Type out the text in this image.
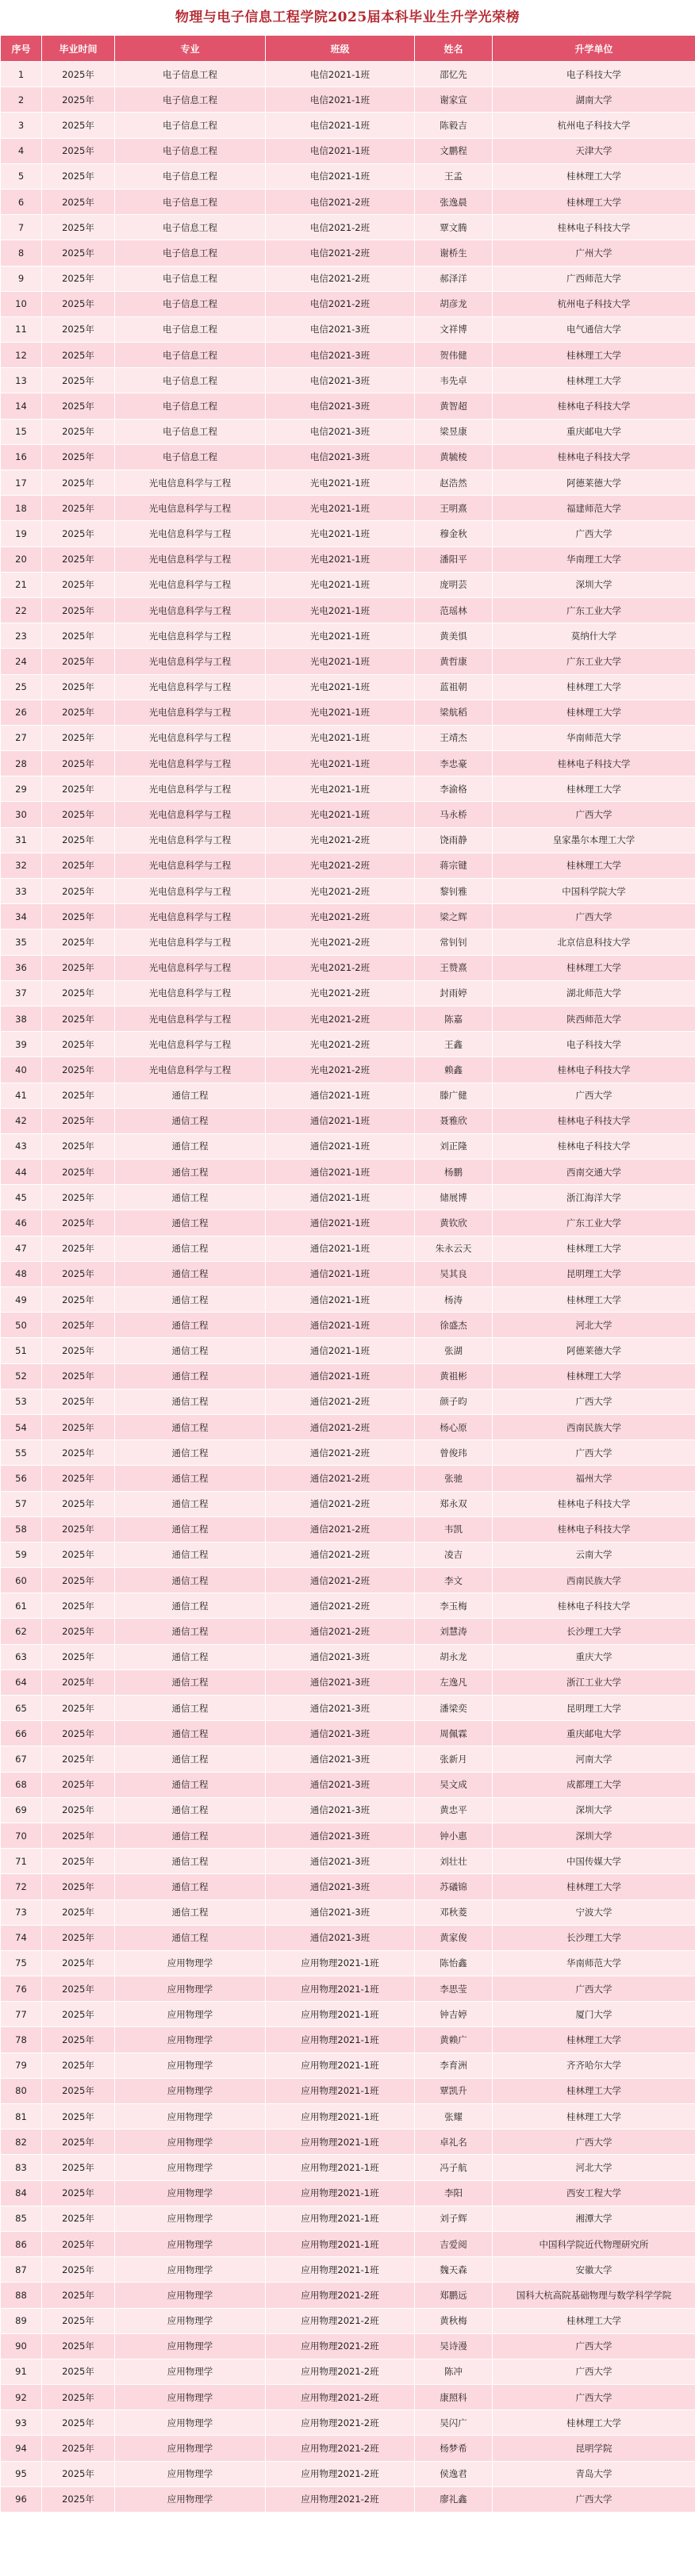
物理与电子信息工程学院2025届本科毕业生升学光荣榜
序号	毕业时间	专业	班级	姓名	升学单位
1	2025年	电子信息工程	电信2021-1班	邵忆先	电子科技大学
2	2025年	电子信息工程	电信2021-1班	谢家宣	湖南大学
3	2025年	电子信息工程	电信2021-1班	陈毅吉	杭州电子科技大学
4	2025年	电子信息工程	电信2021-1班	文鹏程	天津大学
5	2025年	电子信息工程	电信2021-1班	王孟	桂林理工大学
6	2025年	电子信息工程	电信2021-2班	张逸晨	桂林理工大学
7	2025年	电子信息工程	电信2021-2班	覃文腾	桂林电子科技大学
8	2025年	电子信息工程	电信2021-2班	谢桥生	广州大学
9	2025年	电子信息工程	电信2021-2班	郝泽洋	广西师范大学
10	2025年	电子信息工程	电信2021-2班	胡彦龙	杭州电子科技大学
11	2025年	电子信息工程	电信2021-3班	文祥博	电气通信大学
12	2025年	电子信息工程	电信2021-3班	贺伟健	桂林理工大学
13	2025年	电子信息工程	电信2021-3班	韦先卓	桂林理工大学
14	2025年	电子信息工程	电信2021-3班	黄智超	桂林电子科技大学
15	2025年	电子信息工程	电信2021-3班	梁昱康	重庆邮电大学
16	2025年	电子信息工程	电信2021-3班	黄毓棱	桂林电子科技大学
17	2025年	光电信息科学与工程	光电2021-1班	赵浩然	阿德莱德大学
18	2025年	光电信息科学与工程	光电2021-1班	王明熹	福建师范大学
19	2025年	光电信息科学与工程	光电2021-1班	穆金秋	广西大学
20	2025年	光电信息科学与工程	光电2021-1班	潘阳平	华南理工大学
21	2025年	光电信息科学与工程	光电2021-1班	庞明芸	深圳大学
22	2025年	光电信息科学与工程	光电2021-1班	范瑶林	广东工业大学
23	2025年	光电信息科学与工程	光电2021-1班	黄美惧	莫纳什大学
24	2025年	光电信息科学与工程	光电2021-1班	黄哲康	广东工业大学
25	2025年	光电信息科学与工程	光电2021-1班	蓝祖朝	桂林理工大学
26	2025年	光电信息科学与工程	光电2021-1班	梁航稻	桂林理工大学
27	2025年	光电信息科学与工程	光电2021-1班	王靖杰	华南师范大学
28	2025年	光电信息科学与工程	光电2021-1班	李忠豪	桂林电子科技大学
29	2025年	光电信息科学与工程	光电2021-1班	李渝格	桂林理工大学
30	2025年	光电信息科学与工程	光电2021-1班	马永桥	广西大学
31	2025年	光电信息科学与工程	光电2021-2班	饶雨静	皇家墨尔本理工大学
32	2025年	光电信息科学与工程	光电2021-2班	蒋宗键	桂林理工大学
33	2025年	光电信息科学与工程	光电2021-2班	黎钊雅	中国科学院大学
34	2025年	光电信息科学与工程	光电2021-2班	梁之辉	广西大学
35	2025年	光电信息科学与工程	光电2021-2班	常钊钊	北京信息科技大学
36	2025年	光电信息科学与工程	光电2021-2班	王赞熹	桂林理工大学
37	2025年	光电信息科学与工程	光电2021-2班	封雨婷	湖北师范大学
38	2025年	光电信息科学与工程	光电2021-2班	陈嘉	陕西师范大学
39	2025年	光电信息科学与工程	光电2021-2班	王鑫	电子科技大学
40	2025年	光电信息科学与工程	光电2021-2班	赖鑫	桂林电子科技大学
41	2025年	通信工程	通信2021-1班	滕广健	广西大学
42	2025年	通信工程	通信2021-1班	聂雅欣	桂林电子科技大学
43	2025年	通信工程	通信2021-1班	刘正隆	桂林电子科技大学
44	2025年	通信工程	通信2021-1班	杨鹏	西南交通大学
45	2025年	通信工程	通信2021-1班	储展博	浙江海洋大学
46	2025年	通信工程	通信2021-1班	黄钦欣	广东工业大学
47	2025年	通信工程	通信2021-1班	朱永云天	桂林理工大学
48	2025年	通信工程	通信2021-1班	吴其良	昆明理工大学
49	2025年	通信工程	通信2021-1班	杨涛	桂林理工大学
50	2025年	通信工程	通信2021-1班	徐盛杰	河北大学
51	2025年	通信工程	通信2021-1班	张湖	阿德莱德大学
52	2025年	通信工程	通信2021-1班	黄祖彬	桂林理工大学
53	2025年	通信工程	通信2021-2班	颜子昀	广西大学
54	2025年	通信工程	通信2021-2班	杨心原	西南民族大学
55	2025年	通信工程	通信2021-2班	曾俊玮	广西大学
56	2025年	通信工程	通信2021-2班	张驰	福州大学
57	2025年	通信工程	通信2021-2班	郑永双	桂林电子科技大学
58	2025年	通信工程	通信2021-2班	韦凯	桂林电子科技大学
59	2025年	通信工程	通信2021-2班	凌吉	云南大学
60	2025年	通信工程	通信2021-2班	李文	西南民族大学
61	2025年	通信工程	通信2021-2班	李玉梅	桂林电子科技大学
62	2025年	通信工程	通信2021-2班	刘慧涛	长沙理工大学
63	2025年	通信工程	通信2021-3班	胡永龙	重庆大学
64	2025年	通信工程	通信2021-3班	左逸凡	浙江工业大学
65	2025年	通信工程	通信2021-3班	潘梁奕	昆明理工大学
66	2025年	通信工程	通信2021-3班	周佩霖	重庆邮电大学
67	2025年	通信工程	通信2021-3班	张新月	河南大学
68	2025年	通信工程	通信2021-3班	吴文成	成都理工大学
69	2025年	通信工程	通信2021-3班	黄忠平	深圳大学
70	2025年	通信工程	通信2021-3班	钟小惠	深圳大学
71	2025年	通信工程	通信2021-3班	刘壮壮	中国传媒大学
72	2025年	通信工程	通信2021-3班	苏礒锦	桂林理工大学
73	2025年	通信工程	通信2021-3班	邓秋菱	宁波大学
74	2025年	通信工程	通信2021-3班	黄家俊	长沙理工大学
75	2025年	应用物理学	应用物理2021-1班	陈怡鑫	华南师范大学
76	2025年	应用物理学	应用物理2021-1班	李思莹	广西大学
77	2025年	应用物理学	应用物理2021-1班	钟吉婷	厦门大学
78	2025年	应用物理学	应用物理2021-1班	黄赖广	桂林理工大学
79	2025年	应用物理学	应用物理2021-1班	李育洲	齐齐哈尔大学
80	2025年	应用物理学	应用物理2021-1班	覃凯升	桂林理工大学
81	2025年	应用物理学	应用物理2021-1班	张耀	桂林理工大学
82	2025年	应用物理学	应用物理2021-1班	卓礼名	广西大学
83	2025年	应用物理学	应用物理2021-1班	冯子航	河北大学
84	2025年	应用物理学	应用物理2021-1班	李阳	西安工程大学
85	2025年	应用物理学	应用物理2021-1班	刘子辉	湘潭大学
86	2025年	应用物理学	应用物理2021-1班	吉爱阅	中国科学院近代物理研究所
87	2025年	应用物理学	应用物理2021-1班	魏天森	安徽大学
88	2025年	应用物理学	应用物理2021-2班	郑鹏远	国科大杭高院基础物理与数学科学学院
89	2025年	应用物理学	应用物理2021-2班	黄秋梅	桂林理工大学
90	2025年	应用物理学	应用物理2021-2班	吴诗漫	广西大学
91	2025年	应用物理学	应用物理2021-2班	陈冲	广西大学
92	2025年	应用物理学	应用物理2021-2班	康照科	广西大学
93	2025年	应用物理学	应用物理2021-2班	吴闪广	桂林理工大学
94	2025年	应用物理学	应用物理2021-2班	杨梦希	昆明学院
95	2025年	应用物理学	应用物理2021-2班	侯逸君	青岛大学
96	2025年	应用物理学	应用物理2021-2班	廖礼鑫	广西大学
